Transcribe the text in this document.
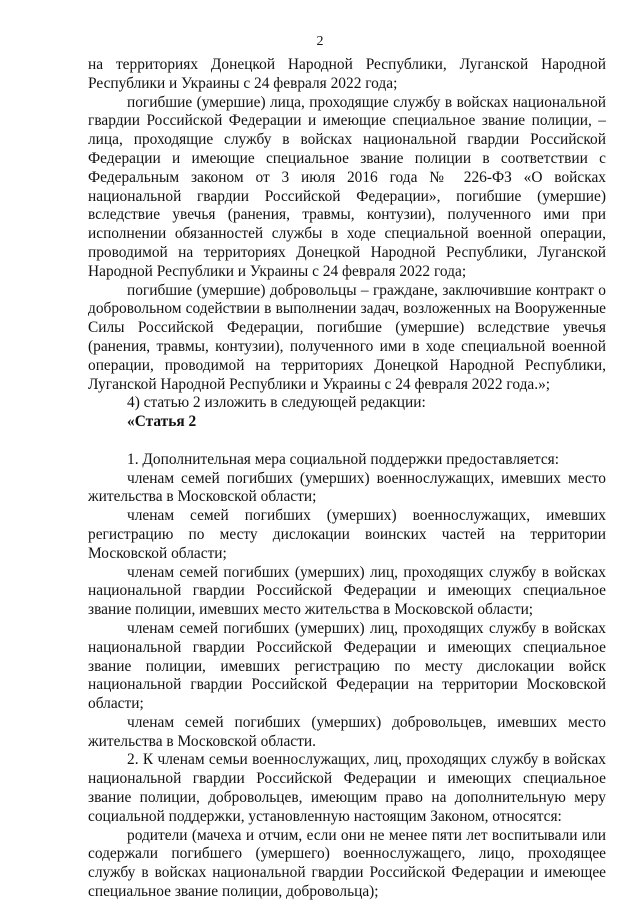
2

на территориях Донецкой Народной Республики, Луганской Народной Республики и Украины с 24 февраля 2022 года;

погибшие (умершие) лица, проходящие службу в войсках национальной гвардии Российской Федерации и имеющие специальное звание полиции, – лица, проходящие службу в войсках национальной гвардии Российской Федерации и имеющие специальное звание полиции в соответствии с Федеральным законом от 3 июля 2016 года № 226-ФЗ «О войсках национальной гвардии Российской Федерации», погибшие (умершие) вследствие увечья (ранения, травмы, контузии), полученного ими при исполнении обязанностей службы в ходе специальной военной операции, проводимой на территориях Донецкой Народной Республики, Луганской Народной Республики и Украины с 24 февраля 2022 года;

погибшие (умершие) добровольцы – граждане, заключившие контракт о добровольном содействии в выполнении задач, возложенных на Вооруженные Силы Российской Федерации, погибшие (умершие) вследствие увечья (ранения, травмы, контузии), полученного ими в ходе специальной военной операции, проводимой на территориях Донецкой Народной Республики, Луганской Народной Республики и Украины с 24 февраля 2022 года.»;

4) статью 2 изложить в следующей редакции:

«Статья 2

1. Дополнительная мера социальной поддержки предоставляется:

членам семей погибших (умерших) военнослужащих, имевших место жительства в Московской области;

членам семей погибших (умерших) военнослужащих, имевших регистрацию по месту дислокации воинских частей на территории Московской области;

членам семей погибших (умерших) лиц, проходящих службу в войсках национальной гвардии Российской Федерации и имеющих специальное звание полиции, имевших место жительства в Московской области;

членам семей погибших (умерших) лиц, проходящих службу в войсках национальной гвардии Российской Федерации и имеющих специальное звание полиции, имевших регистрацию по месту дислокации войск национальной гвардии Российской Федерации на территории Московской области;

членам семей погибших (умерших) добровольцев, имевших место жительства в Московской области.

2. К членам семьи военнослужащих, лиц, проходящих службу в войсках национальной гвардии Российской Федерации и имеющих специальное звание полиции, добровольцев, имеющим право на дополнительную меру социальной поддержки, установленную настоящим Законом, относятся:

родители (мачеха и отчим, если они не менее пяти лет воспитывали или содержали погибшего (умершего) военнослужащего, лицо, проходящее службу в войсках национальной гвардии Российской Федерации и имеющее специальное звание полиции, добровольца);
